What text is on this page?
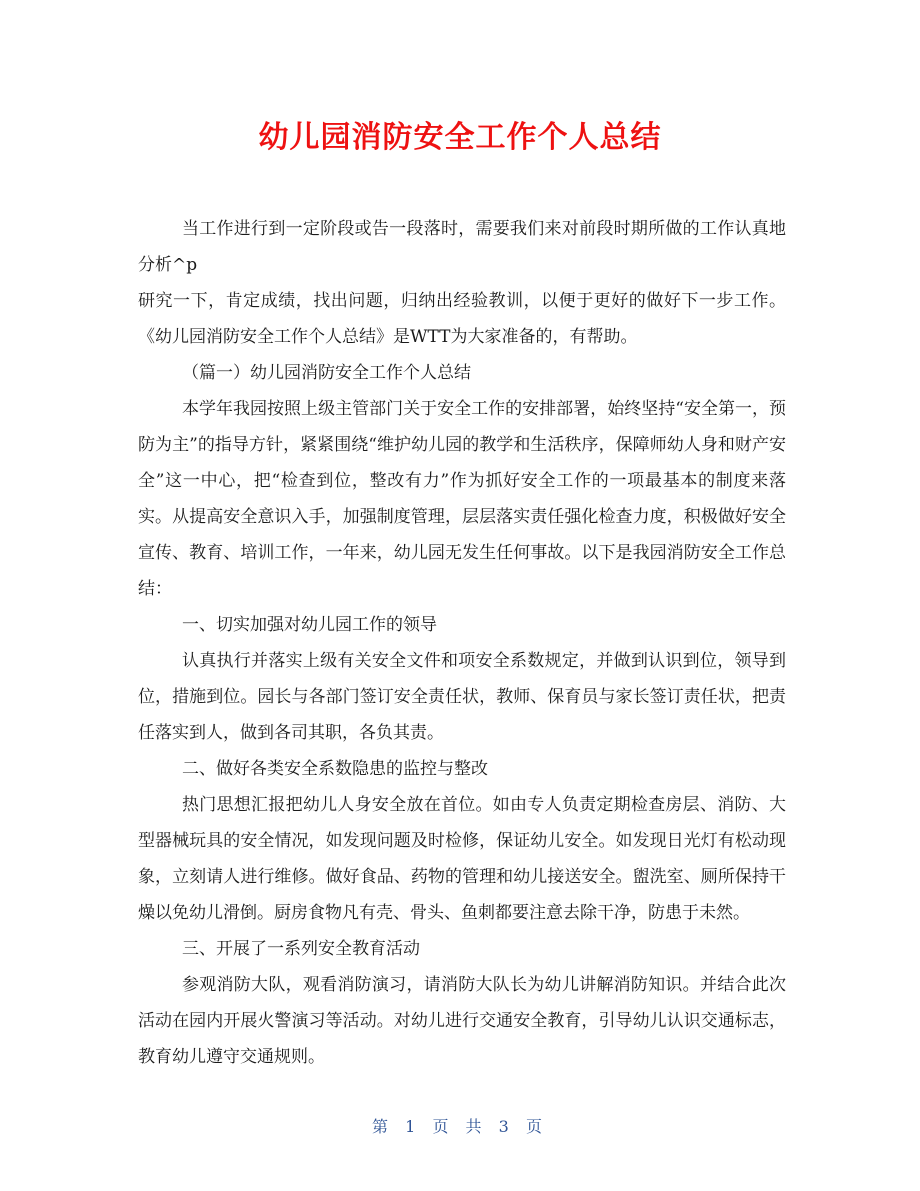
幼儿园消防安全工作个人总结

当工作进行到一定阶段或告一段落时，需要我们来对前段时期所做的工作认真地分析^p

研究一下，肯定成绩，找出问题，归纳出经验教训，以便于更好的做好下一步工作。《幼儿园消防安全工作个人总结》是WTT为大家准备的，有帮助。

（篇一）幼儿园消防安全工作个人总结

本学年我园按照上级主管部门关于安全工作的安排部署，始终坚持“安全第一，预防为主”的指导方针，紧紧围绕“维护幼儿园的教学和生活秩序，保障师幼人身和财产安全”这一中心，把“检查到位，整改有力”作为抓好安全工作的一项最基本的制度来落实。从提高安全意识入手，加强制度管理，层层落实责任强化检查力度，积极做好安全宣传、教育、培训工作，一年来，幼儿园无发生任何事故。以下是我园消防安全工作总结：

一、切实加强对幼儿园工作的领导

认真执行并落实上级有关安全文件和项安全系数规定，并做到认识到位，领导到位，措施到位。园长与各部门签订安全责任状，教师、保育员与家长签订责任状，把责任落实到人，做到各司其职，各负其责。

二、做好各类安全系数隐患的监控与整改

热门思想汇报把幼儿人身安全放在首位。如由专人负责定期检查房层、消防、大型器械玩具的安全情况，如发现问题及时检修，保证幼儿安全。如发现日光灯有松动现象，立刻请人进行维修。做好食品、药物的管理和幼儿接送安全。盥洗室、厕所保持干燥以免幼儿滑倒。厨房食物凡有壳、骨头、鱼刺都要注意去除干净，防患于未然。

三、开展了一系列安全教育活动

参观消防大队，观看消防演习，请消防大队长为幼儿讲解消防知识。并结合此次活动在园内开展火警演习等活动。对幼儿进行交通安全教育，引导幼儿认识交通标志，教育幼儿遵守交通规则。

第 1 页 共 3 页
